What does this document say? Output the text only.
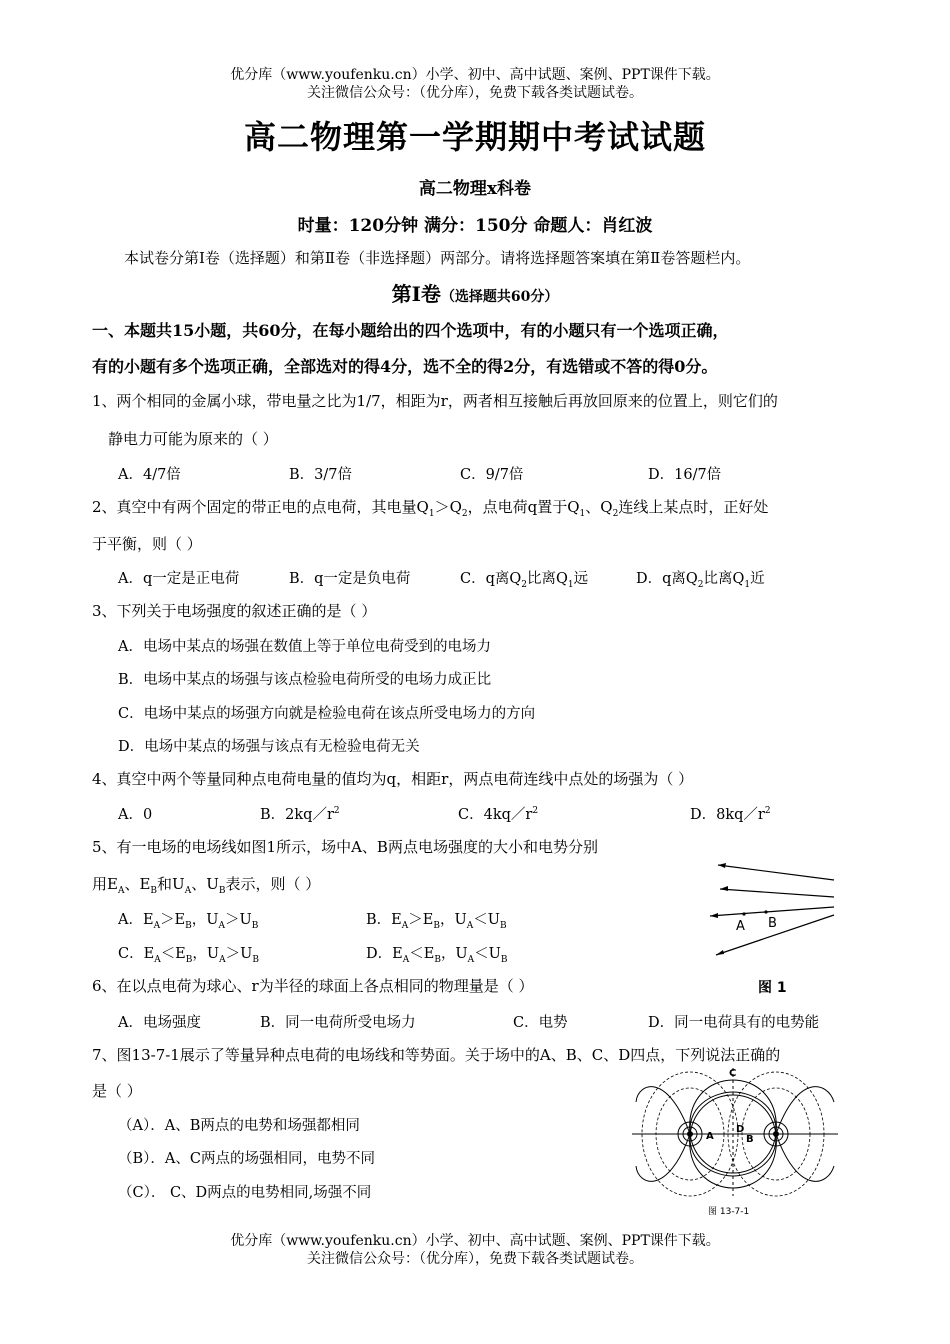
优分库（www.youfenku.cn）小学、初中、高中试题、案例、PPT课件下载。
关注微信公众号：（优分库），免费下载各类试题试卷。
高二物理第一学期期中考试试题
高二物理x科卷
时量：120分钟 满分：150分 命题人：肖红波
本试卷分第Ⅰ卷（选择题）和第Ⅱ卷（非选择题）两部分。请将选择题答案填在第Ⅱ卷答题栏内。
第Ⅰ卷（选择题共60分）
一、本题共15小题，共60分，在每小题给出的四个选项中，有的小题只有一个选项正确，
有的小题有多个选项正确，全部选对的得4分，选不全的得2分，有选错或不答的得0分。
1、两个相同的金属小球，带电量之比为1/7，相距为r，两者相互接触后再放回原来的位置上，则它们的
静电力可能为原来的（ ）
A．4/7倍	B．3/7倍	C．9/7倍	D．16/7倍
2、真空中有两个固定的带正电的点电荷，其电量$Q_1>Q_2$，点电荷q置于$Q_1$、$Q_2$连线上某点时，正好处
于平衡，则（ ）
A．q一定是正电荷	B．q一定是负电荷	C．q离$Q_2$比离$Q_1$远	D．q离$Q_2$比离$Q_1$近
3、下列关于电场强度的叙述正确的是（ ）
A．电场中某点的场强在数值上等于单位电荷受到的电场力
B．电场中某点的场强与该点检验电荷所受的电场力成正比
C．电场中某点的场强方向就是检验电荷在该点所受电场力的方向
D．电场中某点的场强与该点有无检验电荷无关
4、真空中两个等量同种点电荷电量的值均为q，相距r，两点电荷连线中点处的场强为（ ）
A．0	B．$2kq/r^2$	C．$4kq/r^2$	D．$8kq/r^2$
5、有一电场的电场线如图1所示，场中A、B两点电场强度的大小和电势分别
用$E_A$、$E_B$和$U_A$、$U_B$表示，则（ ）
A．$E_A>E_B$，$U_A>U_B$	B．$E_A>E_B$，$U_A<U_B$
C．$E_A<E_B$，$U_A>U_B$	D．$E_A<E_B$，$U_A<U_B$
A B
图 1
6、在以点电荷为球心、r为半径的球面上各点相同的物理量是（ ）
A．电场强度	B．同一电荷所受电场力	C．电势	D．同一电荷具有的电势能
7、图13-7-1展示了等量异种点电荷的电场线和等势面。关于场中的A、B、C、D四点，下列说法正确的
是（ ）
（A）．A、B两点的电势和场强都相同
（B）．A、C两点的场强相同，电势不同
（C）． C、D两点的电势相同,场强不同
A	B
C
D
图 13-7-1
优分库（www.youfenku.cn）小学、初中、高中试题、案例、PPT课件下载。
关注微信公众号：（优分库），免费下载各类试题试卷。
